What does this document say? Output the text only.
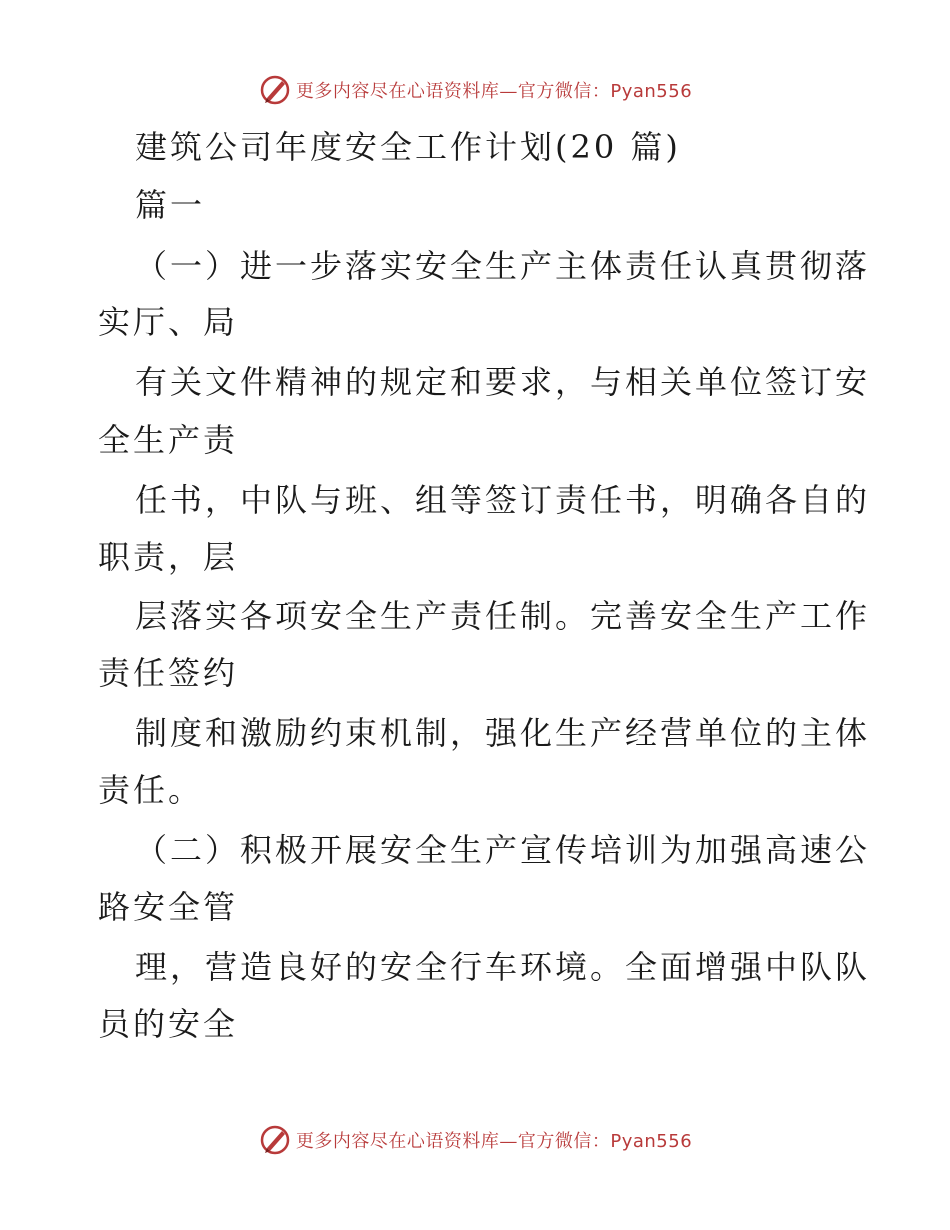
更多内容尽在心语资料库—官方微信：Pyan556
建筑公司年度安全工作计划(20 篇)
篇一
（一）进一步落实安全生产主体责任认真贯彻落
实厅、局
有关文件精神的规定和要求，与相关单位签订安
全生产责
任书，中队与班、组等签订责任书，明确各自的
职责，层
层落实各项安全生产责任制。完善安全生产工作
责任签约
制度和激励约束机制，强化生产经营单位的主体
责任。
（二）积极开展安全生产宣传培训为加强高速公
路安全管
理，营造良好的安全行车环境。全面增强中队队
员的安全
更多内容尽在心语资料库—官方微信：Pyan556
